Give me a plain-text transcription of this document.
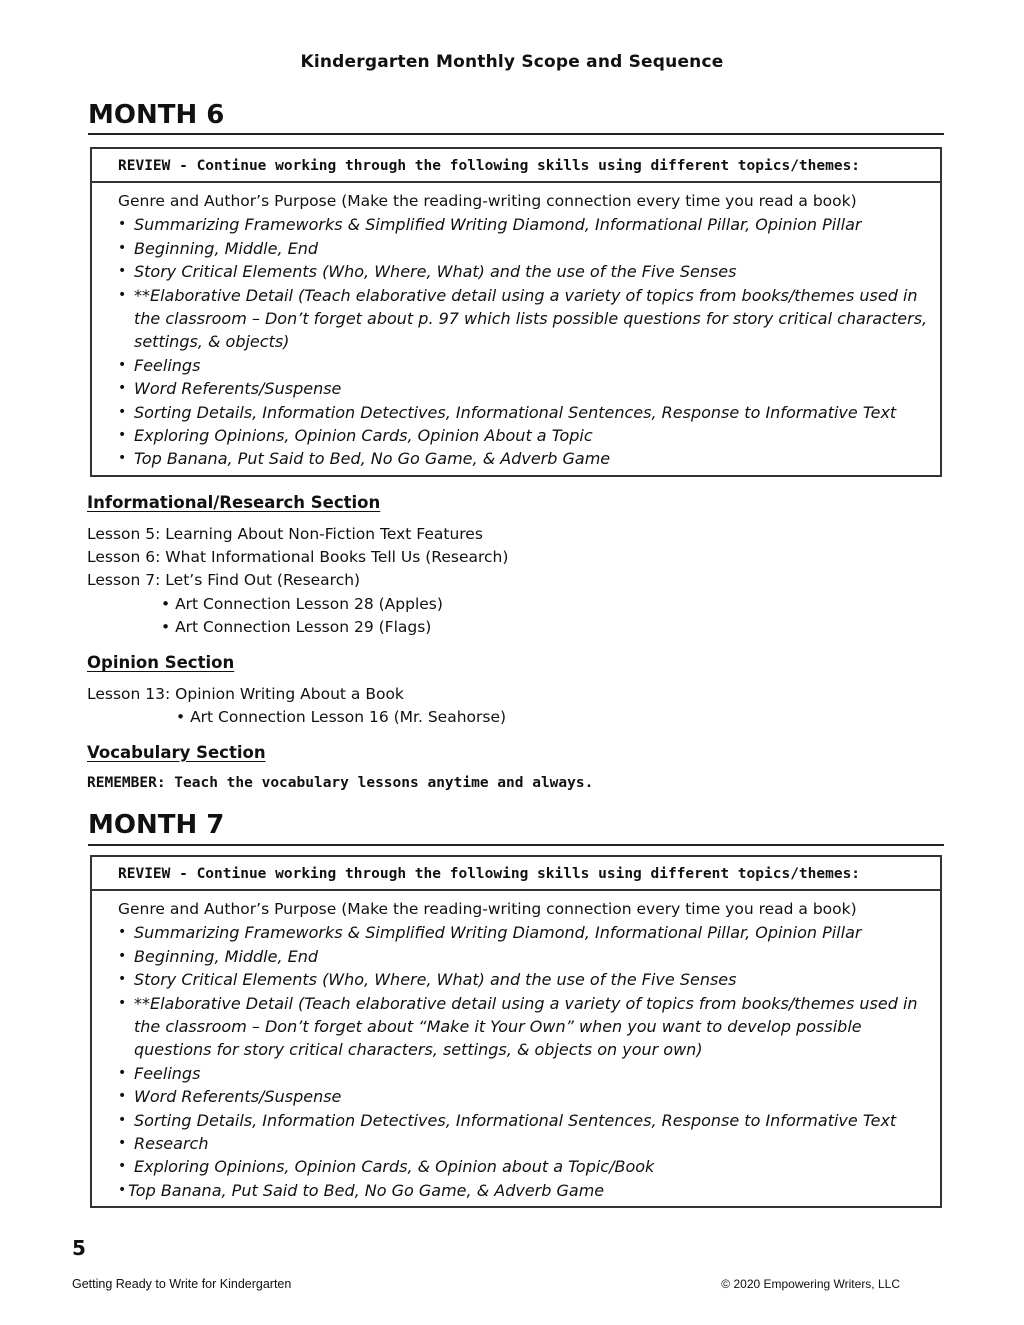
Kindergarten Monthly Scope and Sequence
MONTH 6
REVIEW - Continue working through the following skills using different topics/themes:
Genre and Author’s Purpose (Make the reading-writing connection every time you read a book)
• Summarizing Frameworks & Simplified Writing Diamond, Informational Pillar, Opinion Pillar
• Beginning, Middle, End
• Story Critical Elements (Who, Where, What) and the use of the Five Senses
• **Elaborative Detail (Teach elaborative detail using a variety of topics from books/themes used in the classroom – Don’t forget about p. 97 which lists possible questions for story critical characters, settings, & objects)
• Feelings
• Word Referents/Suspense
• Sorting Details, Information Detectives, Informational Sentences, Response to Informative Text
• Exploring Opinions, Opinion Cards, Opinion About a Topic
• Top Banana, Put Said to Bed, No Go Game, & Adverb Game
Informational/Research Section
Lesson 5: Learning About Non-Fiction Text Features
Lesson 6: What Informational Books Tell Us (Research)
Lesson 7: Let’s Find Out (Research)
• Art Connection Lesson 28 (Apples)
• Art Connection Lesson 29 (Flags)
Opinion Section
Lesson 13: Opinion Writing About a Book
• Art Connection Lesson 16 (Mr. Seahorse)
Vocabulary Section
REMEMBER: Teach the vocabulary lessons anytime and always.
MONTH 7
REVIEW - Continue working through the following skills using different topics/themes:
Genre and Author’s Purpose (Make the reading-writing connection every time you read a book)
• Summarizing Frameworks & Simplified Writing Diamond, Informational Pillar, Opinion Pillar
• Beginning, Middle, End
• Story Critical Elements (Who, Where, What) and the use of the Five Senses
• **Elaborative Detail (Teach elaborative detail using a variety of topics from books/themes used in the classroom – Don’t forget about “Make it Your Own” when you want to develop possible questions for story critical characters, settings, & objects on your own)
• Feelings
• Word Referents/Suspense
• Sorting Details, Information Detectives, Informational Sentences, Response to Informative Text
• Research
• Exploring Opinions, Opinion Cards, & Opinion about a Topic/Book
• Top Banana, Put Said to Bed, No Go Game, & Adverb Game
5
Getting Ready to Write for Kindergarten	© 2020 Empowering Writers, LLC
